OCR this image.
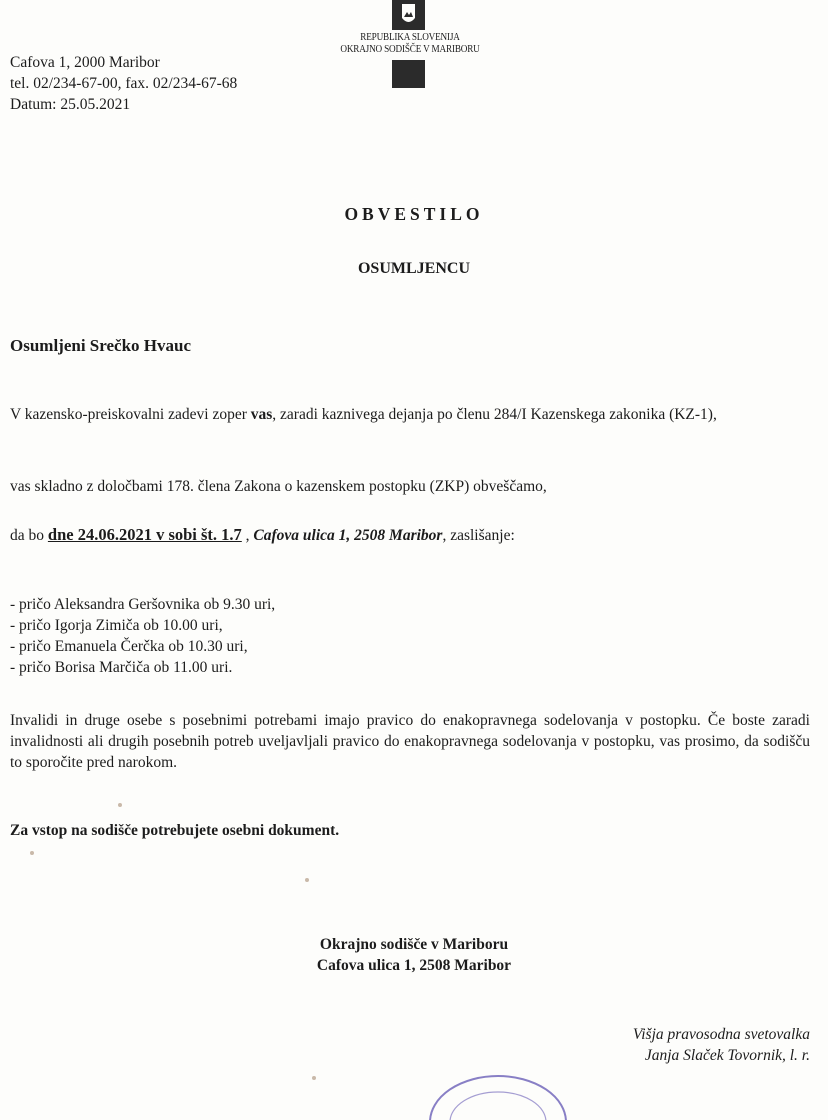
Cafova 1, 2000 Maribor
tel. 02/234-67-00, fax. 02/234-67-68
Datum: 25.05.2021
REPUBLIKA SLOVENIJA
OKRAJNO SODIŠČE V MARIBORU
OBVESTILO
OSUMLJENCU
Osumljeni Srečko Hvauc
V kazensko-preiskovalni zadevi zoper vas, zaradi kaznivega dejanja po členu 284/I Kazenskega zakonika (KZ-1),
vas skladno z določbami 178. člena Zakona o kazenskem postopku (ZKP) obveščamo,
da bo dne 24.06.2021 v sobi št. 1.7 , Cafova ulica 1, 2508 Maribor, zaslišanje:
- pričo Aleksandra Geršovnika ob 9.30 uri,
- pričo Igorja Zimiča ob 10.00 uri,
- pričo Emanuela Čerčka ob 10.30 uri,
- pričo Borisa Marčiča ob 11.00 uri.
Invalidi in druge osebe s posebnimi potrebami imajo pravico do enakopravnega sodelovanja v postopku. Če boste zaradi invalidnosti ali drugih posebnih potreb uveljavljali pravico do enakopravnega sodelovanja v postopku, vas prosimo, da sodišču to sporočite pred narokom.
Za vstop na sodišče potrebujete osebni dokument.
Okrajno sodišče v Mariboru
Cafova ulica 1, 2508 Maribor
Višja pravosodna svetovalka
Janja Slaček Tovornik, l. r.
